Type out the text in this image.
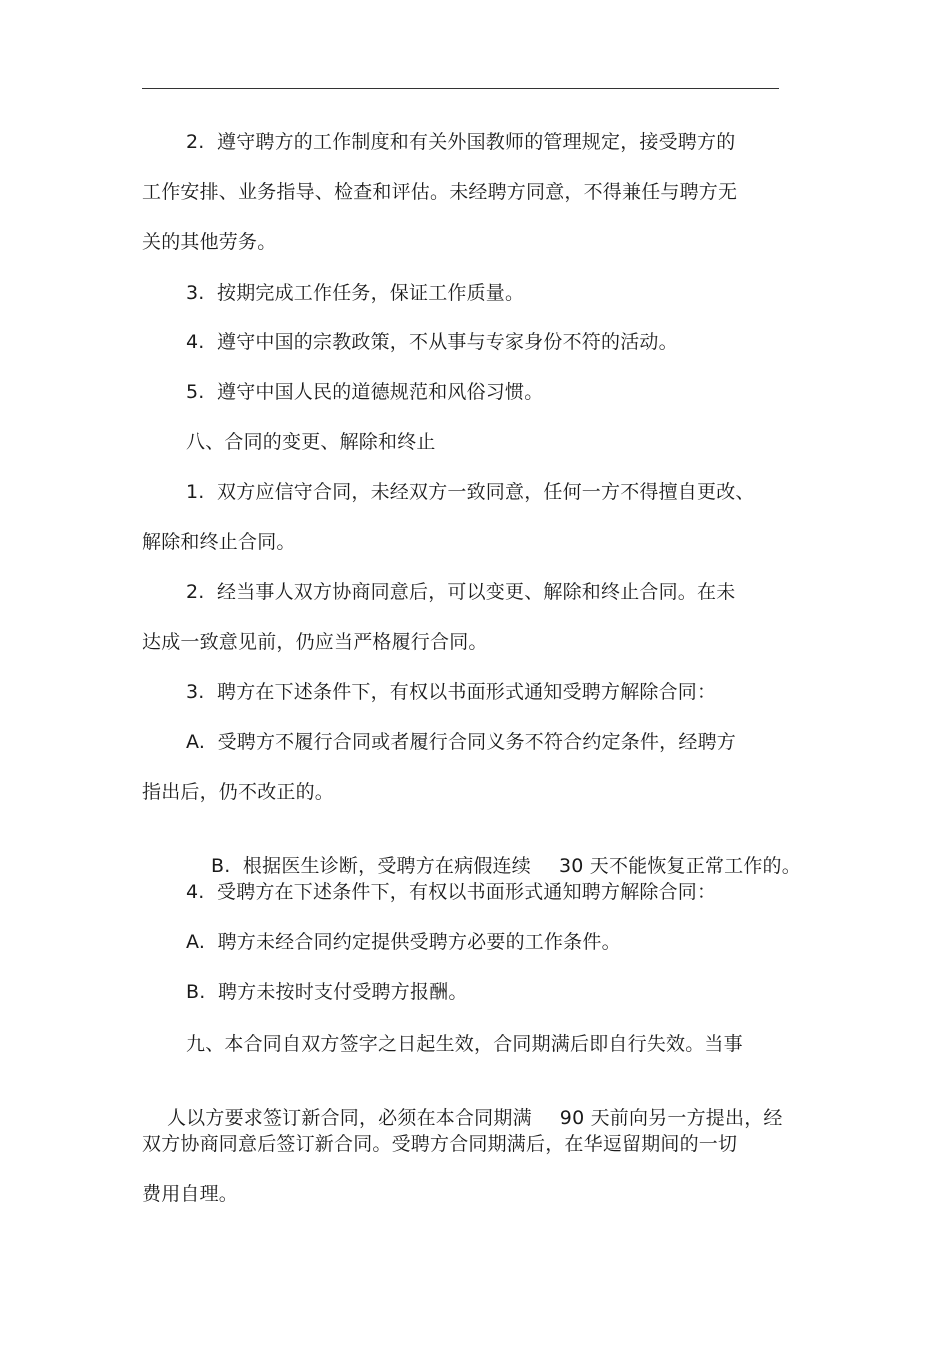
2.  遵守聘方的工作制度和有关外国教师的管理规定，接受聘方的
工作安排、业务指导、检查和评估。未经聘方同意，不得兼任与聘方无
关的其他劳务。
3.  按期完成工作任务，保证工作质量。
4.  遵守中国的宗教政策，不从事与专家身份不符的活动。
5.  遵守中国人民的道德规范和风俗习惯。
八、合同的变更、解除和终止
1.  双方应信守合同，未经双方一致同意，任何一方不得擅自更改、
解除和终止合同。
2.  经当事人双方协商同意后，可以变更、解除和终止合同。在未
达成一致意见前，仍应当严格履行合同。
3.  聘方在下述条件下，有权以书面形式通知受聘方解除合同：
A.  受聘方不履行合同或者履行合同义务不符合约定条件，经聘方
指出后，仍不改正的。

B.  根据医生诊断，受聘方在病假连续 30 天不能恢复正常工作的。

4.  受聘方在下述条件下，有权以书面形式通知聘方解除合同：
A.  聘方未经合同约定提供受聘方必要的工作条件。
B.  聘方未按时支付受聘方报酬。
九、本合同自双方签字之日起生效，合同期满后即自行失效。当事

人以方要求签订新合同，必须在本合同期满 90 天前向另一方提出，经

双方协商同意后签订新合同。受聘方合同期满后，在华逗留期间的一切
费用自理。
